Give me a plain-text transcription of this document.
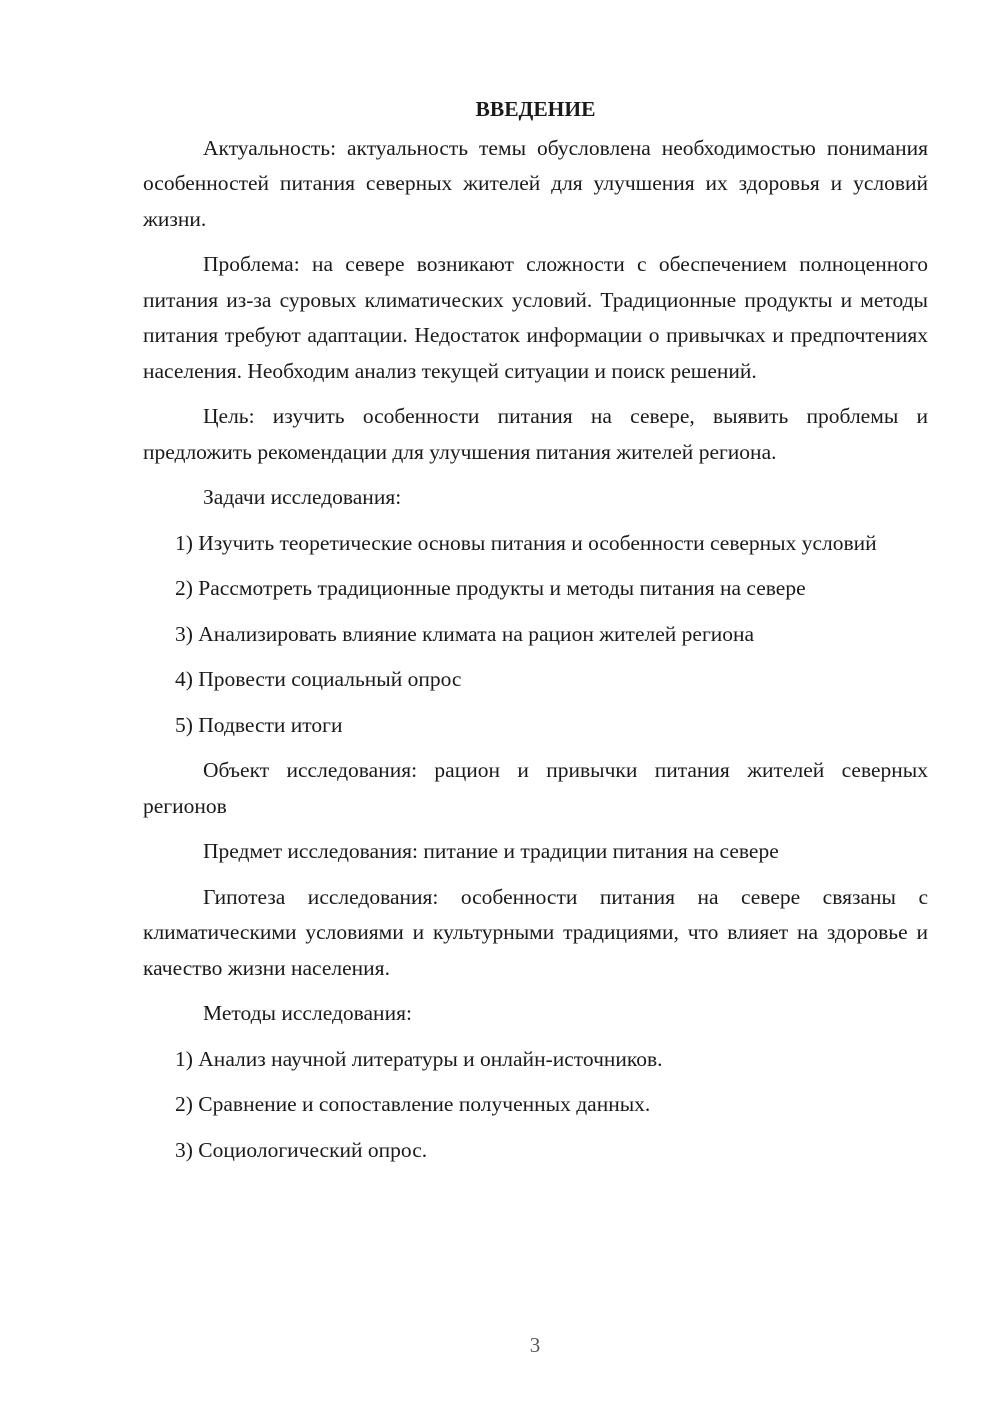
ВВЕДЕНИЕ

Актуальность: актуальность темы обусловлена необходимостью понимания особенностей питания северных жителей для улучшения их здоровья и условий жизни.

Проблема: на севере возникают сложности с обеспечением полноценного питания из-за суровых климатических условий. Традиционные продукты и методы питания требуют адаптации. Недостаток информации о привычках и предпочтениях населения. Необходим анализ текущей ситуации и поиск решений.

Цель: изучить особенности питания на севере, выявить проблемы и предложить рекомендации для улучшения питания жителей региона.

Задачи исследования:

1) Изучить теоретические основы питания и особенности северных условий

2) Рассмотреть традиционные продукты и методы питания на севере

3) Анализировать влияние климата на рацион жителей региона

4) Провести социальный опрос

5) Подвести итоги

Объект исследования: рацион и привычки питания жителей северных регионов

Предмет исследования: питание и традиции питания на севере

Гипотеза исследования: особенности питания на севере связаны с климатическими условиями и культурными традициями, что влияет на здоровье и качество жизни населения.

Методы исследования:

1) Анализ научной литературы и онлайн-источников.

2) Сравнение и сопоставление полученных данных.

3) Социологический опрос.

3
